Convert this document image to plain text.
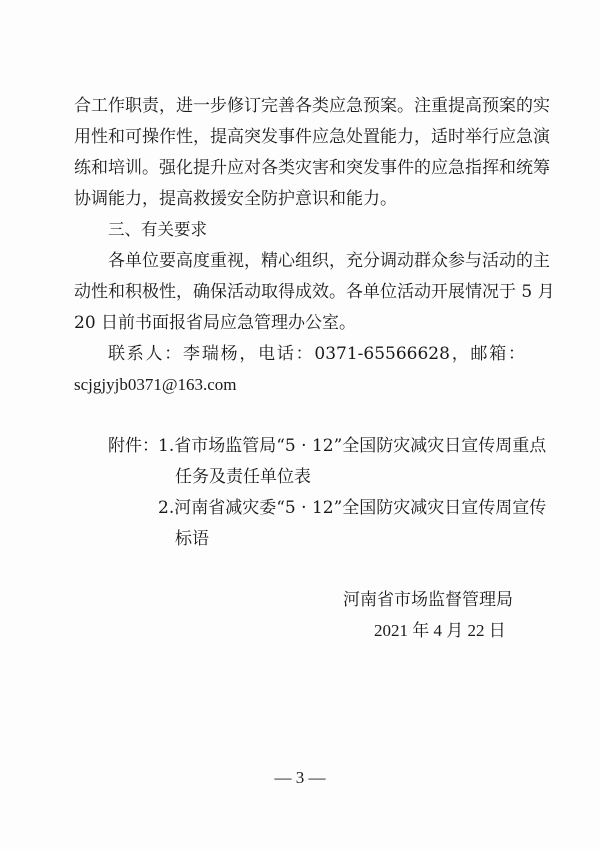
合工作职责，进一步修订完善各类应急预案。注重提高预案的实
用性和可操作性，提高突发事件应急处置能力，适时举行应急演
练和培训。强化提升应对各类灾害和突发事件的应急指挥和统筹
协调能力，提高救援安全防护意识和能力。
三、有关要求
各单位要高度重视，精心组织，充分调动群众参与活动的主
动性和积极性，确保活动取得成效。各单位活动开展情况于 5 月
20 日前书面报省局应急管理办公室。
联系人：李瑞杨，电话：0371-65566628，邮箱：
scjgjyjb0371@163.com
附件： 1.省市场监管局“5 · 12”全国防灾减灾日宣传周重点
任务及责任单位表
2.河南省减灾委“5 · 12”全国防灾减灾日宣传周宣传
标语
河南省市场监督管理局
2021 年 4 月 22 日
— 3 —
